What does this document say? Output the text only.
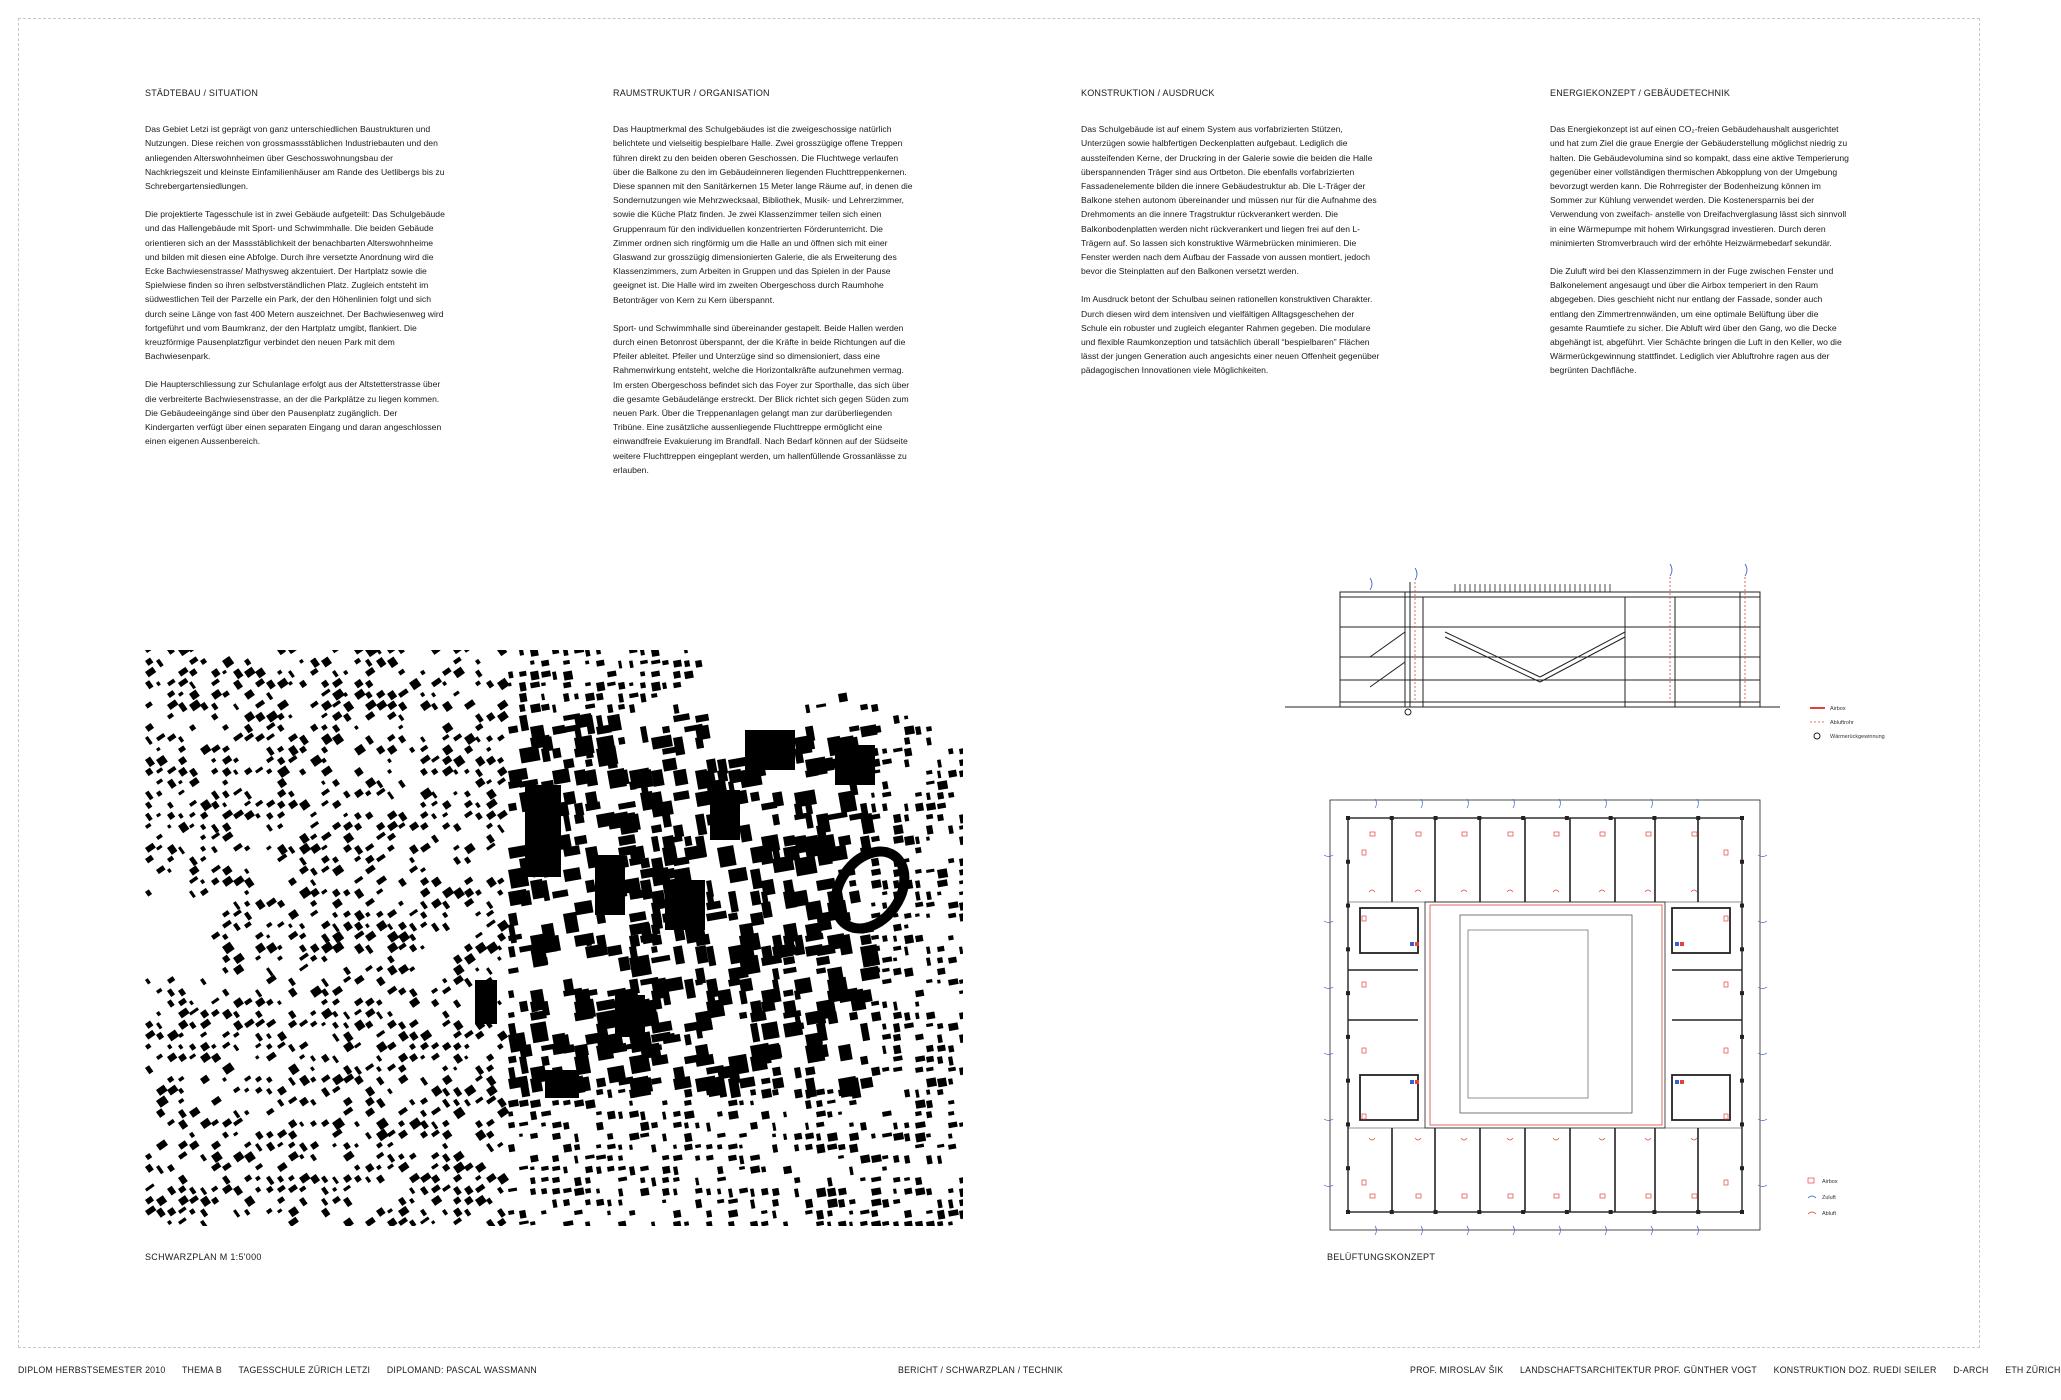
STÄDTEBAU / SITUATION

Das Gebiet Letzi ist geprägt von ganz unterschiedlichen Baustrukturen und Nutzungen. Diese reichen von grossmassstäblichen Industriebauten und den anliegenden Alterswohnheimen über Geschosswohnungsbau der Nachkriegszeit und kleinste Einfamilienhäuser am Rande des Uetlibergs bis zu Schrebergartensiedlungen.

Die projektierte Tagesschule ist in zwei Gebäude aufgeteilt: Das Schulgebäude und das Hallengebäude mit Sport- und Schwimmhalle. Die beiden Gebäude orientieren sich an der Massstäblichkeit der benachbarten Alterswohnheime und bilden mit diesen eine Abfolge. Durch ihre versetzte Anordnung wird die Ecke Bachwiesenstrasse/ Mathysweg akzentuiert. Der Hartplatz sowie die Spielwiese finden so ihren selbstverständlichen Platz. Zugleich entsteht im südwestlichen Teil der Parzelle ein Park, der den Höhenlinien folgt und sich durch seine Länge von fast 400 Metern auszeichnet. Der Bachwiesenweg wird fortgeführt und vom Baumkranz, der den Hartplatz umgibt, flankiert. Die kreuzförmige Pausenplatzfigur verbindet den neuen Park mit dem Bachwiesenpark.

Die Haupterschliessung zur Schulanlage erfolgt aus der Altstetterstrasse über die verbreiterte Bachwiesenstrasse, an der die Parkplätze zu liegen kommen. Die Gebäudeeingänge sind über den Pausenplatz zugänglich. Der Kindergarten verfügt über einen separaten Eingang und daran angeschlossen einen eigenen Aussenbereich.

RAUMSTRUKTUR / ORGANISATION

Das Hauptmerkmal des Schulgebäudes ist die zweigeschossige natürlich belichtete und vielseitig bespielbare Halle. Zwei grosszügige offene Treppen führen direkt zu den beiden oberen Geschossen. Die Fluchtwege verlaufen über die Balkone zu den im Gebäudeinneren liegenden Fluchttreppenkernen. Diese spannen mit den Sanitärkernen 15 Meter lange Räume auf, in denen die Sondernutzungen wie Mehrzwecksaal, Bibliothek, Musik- und Lehrerzimmer, sowie die Küche Platz finden. Je zwei Klassenzimmer teilen sich einen Gruppenraum für den individuellen konzentrierten Förderunterricht. Die Zimmer ordnen sich ringförmig um die Halle an und öffnen sich mit einer Glaswand zur grosszügig dimensionierten Galerie, die als Erweiterung des Klassenzimmers, zum Arbeiten in Gruppen und das Spielen in der Pause geeignet ist. Die Halle wird im zweiten Obergeschoss durch Raumhohe Betonträger von Kern zu Kern überspannt.

Sport- und Schwimmhalle sind übereinander gestapelt. Beide Hallen werden durch einen Betonrost überspannt, der die Kräfte in beide Richtungen auf die Pfeiler ableitet. Pfeiler und Unterzüge sind so dimensioniert, dass eine Rahmenwirkung entsteht, welche die Horizontalkräfte aufzunehmen vermag. Im ersten Obergeschoss befindet sich das Foyer zur Sporthalle, das sich über die gesamte Gebäudelänge erstreckt. Der Blick richtet sich gegen Süden zum neuen Park. Über die Treppenanlagen gelangt man zur darüberliegenden Tribüne. Eine zusätzliche aussenliegende Fluchttreppe ermöglicht eine einwandfreie Evakuierung im Brandfall. Nach Bedarf können auf der Südseite weitere Fluchttreppen eingeplant werden, um hallenfüllende Grossanlässe zu erlauben.

KONSTRUKTION / AUSDRUCK

Das Schulgebäude ist auf einem System aus vorfabrizierten Stützen, Unterzügen sowie halbfertigen Deckenplatten aufgebaut. Lediglich die aussteifenden Kerne, der Druckring in der Galerie sowie die beiden die Halle überspannenden Träger sind aus Ortbeton. Die ebenfalls vorfabrizierten Fassadenelemente bilden die innere Gebäudestruktur ab. Die L-Träger der Balkone stehen autonom übereinander und müssen nur für die Aufnahme des Drehmoments an die innere Tragstruktur rückverankert werden. Die Balkonbodenplatten werden nicht rückverankert und liegen frei auf den L-Trägern auf. So lassen sich konstruktive Wärmebrücken minimieren. Die Fenster werden nach dem Aufbau der Fassade von aussen montiert, jedoch bevor die Steinplatten auf den Balkonen versetzt werden.

Im Ausdruck betont der Schulbau seinen rationellen konstruktiven Charakter. Durch diesen wird dem intensiven und vielfältigen Alltagsgeschehen der Schule ein robuster und zugleich eleganter Rahmen gegeben. Die modulare und flexible Raumkonzeption und tatsächlich überall “bespielbaren” Flächen lässt der jungen Generation auch angesichts einer neuen Offenheit gegenüber pädagogischen Innovationen viele Möglichkeiten.

ENERGIEKONZEPT / GEBÄUDETECHNIK

Das Energiekonzept ist auf einen CO₂-freien Gebäudehaushalt ausgerichtet und hat zum Ziel die graue Energie der Gebäuderstellung möglichst niedrig zu halten. Die Gebäudevolumina sind so kompakt, dass eine aktive Temperierung gegenüber einer vollständigen thermischen Abkopplung von der Umgebung bevorzugt werden kann. Die Rohrregister der Bodenheizung können im Sommer zur Kühlung verwendet werden. Die Kostenersparnis bei der Verwendung von zweifach- anstelle von Dreifachverglasung lässt sich sinnvoll in eine Wärmepumpe mit hohem Wirkungsgrad investieren. Durch deren minimierten Stromverbrauch wird der erhöhte Heizwärmebedarf sekundär.

Die Zuluft wird bei den Klassenzimmern in der Fuge zwischen Fenster und Balkonelement angesaugt und über die Airbox temperiert in den Raum abgegeben. Dies geschieht nicht nur entlang der Fassade, sonder auch entlang den Zimmertrennwänden, um eine optimale Belüftung über die gesamte Raumtiefe zu sicher. Die Abluft wird über den Gang, wo die Decke abgehängt ist, abgeführt. Vier Schächte bringen die Luft in den Keller, wo die Wärmerückgewinnung stattfindet. Lediglich vier Abluftrohre ragen aus der begrünten Dachfläche.

SCHWARZPLAN M 1:5'000
Airbox
Abluftrohr
Wärmerückgewinnung
Airbox
Zuluft
Abluft
BELÜFTUNGSKONZEPT
DIPLOM HERBSTSEMESTER 2010 THEMA B TAGESSCHULE ZÜRICH LETZI DIPLOMAND: PASCAL WASSMANN	BERICHT / SCHWARZPLAN / TECHNIK	PROF. MIROSLAV ŠIK LANDSCHAFTSARCHITEKTUR PROF. GÜNTHER VOGT KONSTRUKTION DOZ. RUEDI SEILER D-ARCH ETH ZÜRICH
